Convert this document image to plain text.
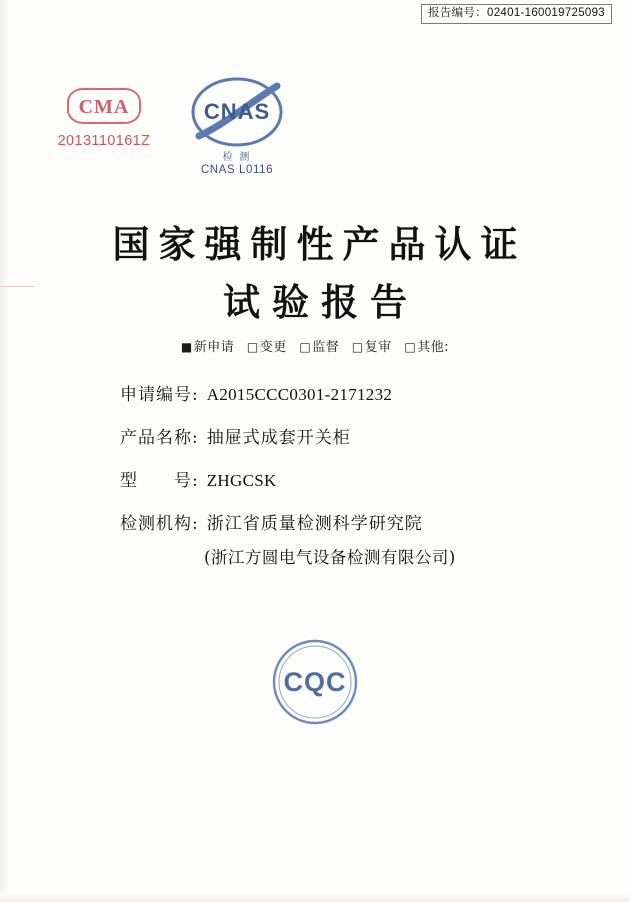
报告编号：02401-160019725093
CMA
2013110161Z
CNAS
检 测
CNAS L0116
国家强制性产品认证
试验报告
■ 新申请 □ 变更 □ 监督 □ 复审 □ 其他:
申请编号: A2015CCC0301-2171232
产品名称: 抽屉式成套开关柜
型　　号: ZHGCSK
检测机构: 浙江省质量检测科学研究院
(浙江方圆电气设备检测有限公司)
CQC
